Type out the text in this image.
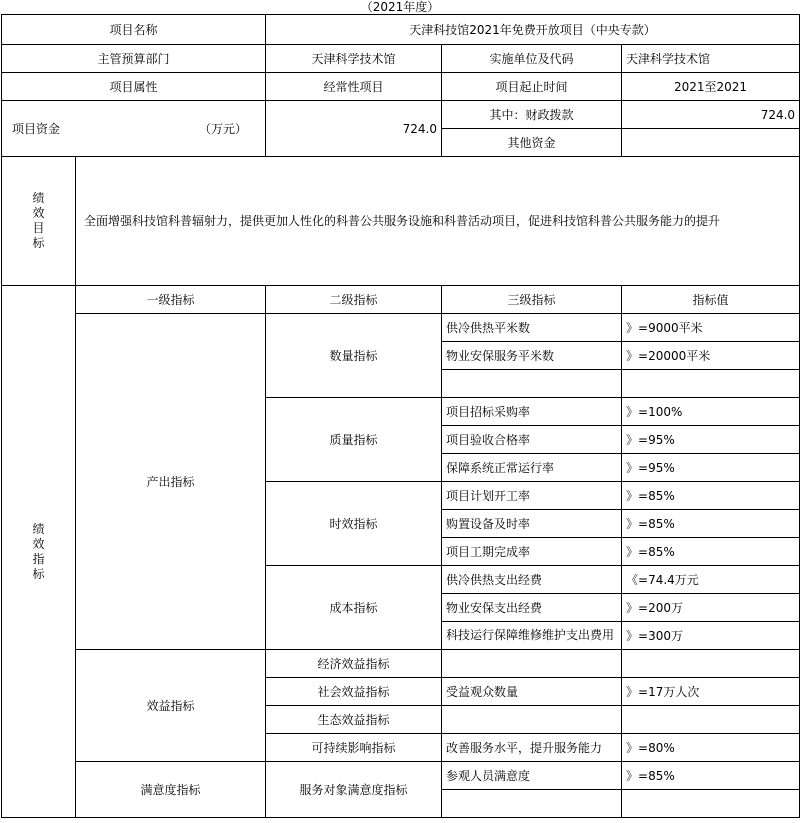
（2021年度）
项目名称		天津科技馆2021年免费开放项目（中央专款）		
主管预算部门		天津科学技术馆	实施单位及代码	天津科学技术馆
项目属性		经常性项目	项目起止时间	2021至2021

项目资金 （万元）		724.0	其中：财政拨款	724.0
			其他资金	

绩效目标	全面增强科技馆科普辐射力，提供更加人性化的科普公共服务设施和科普活动项目，促进科技馆科普公共服务能力的提升			

绩效指标	一级指标	二级指标	三级指标	指标值
	产出指标	数量指标	供冷供热平米数	》=9000平米
			物业安保服务平米数	》=20000平米

		质量指标	项目招标采购率	》=100%
			项目验收合格率	》=95%
			保障系统正常运行率	》=95%
		时效指标	项目计划开工率	》=85%
			购置设备及时率	》=85%
			项目工期完成率	》=85%
		成本指标	供冷供热支出经费	《=74.4万元
			物业安保支出经费	》=200万
			科技运行保障维修维护支出费用	》=300万
	效益指标	经济效益指标		
		社会效益指标	受益观众数量	》=17万人次
		生态效益指标		
		可持续影响指标	改善服务水平，提升服务能力	》=80%
	满意度指标	服务对象满意度指标	参观人员满意度	》=85%
